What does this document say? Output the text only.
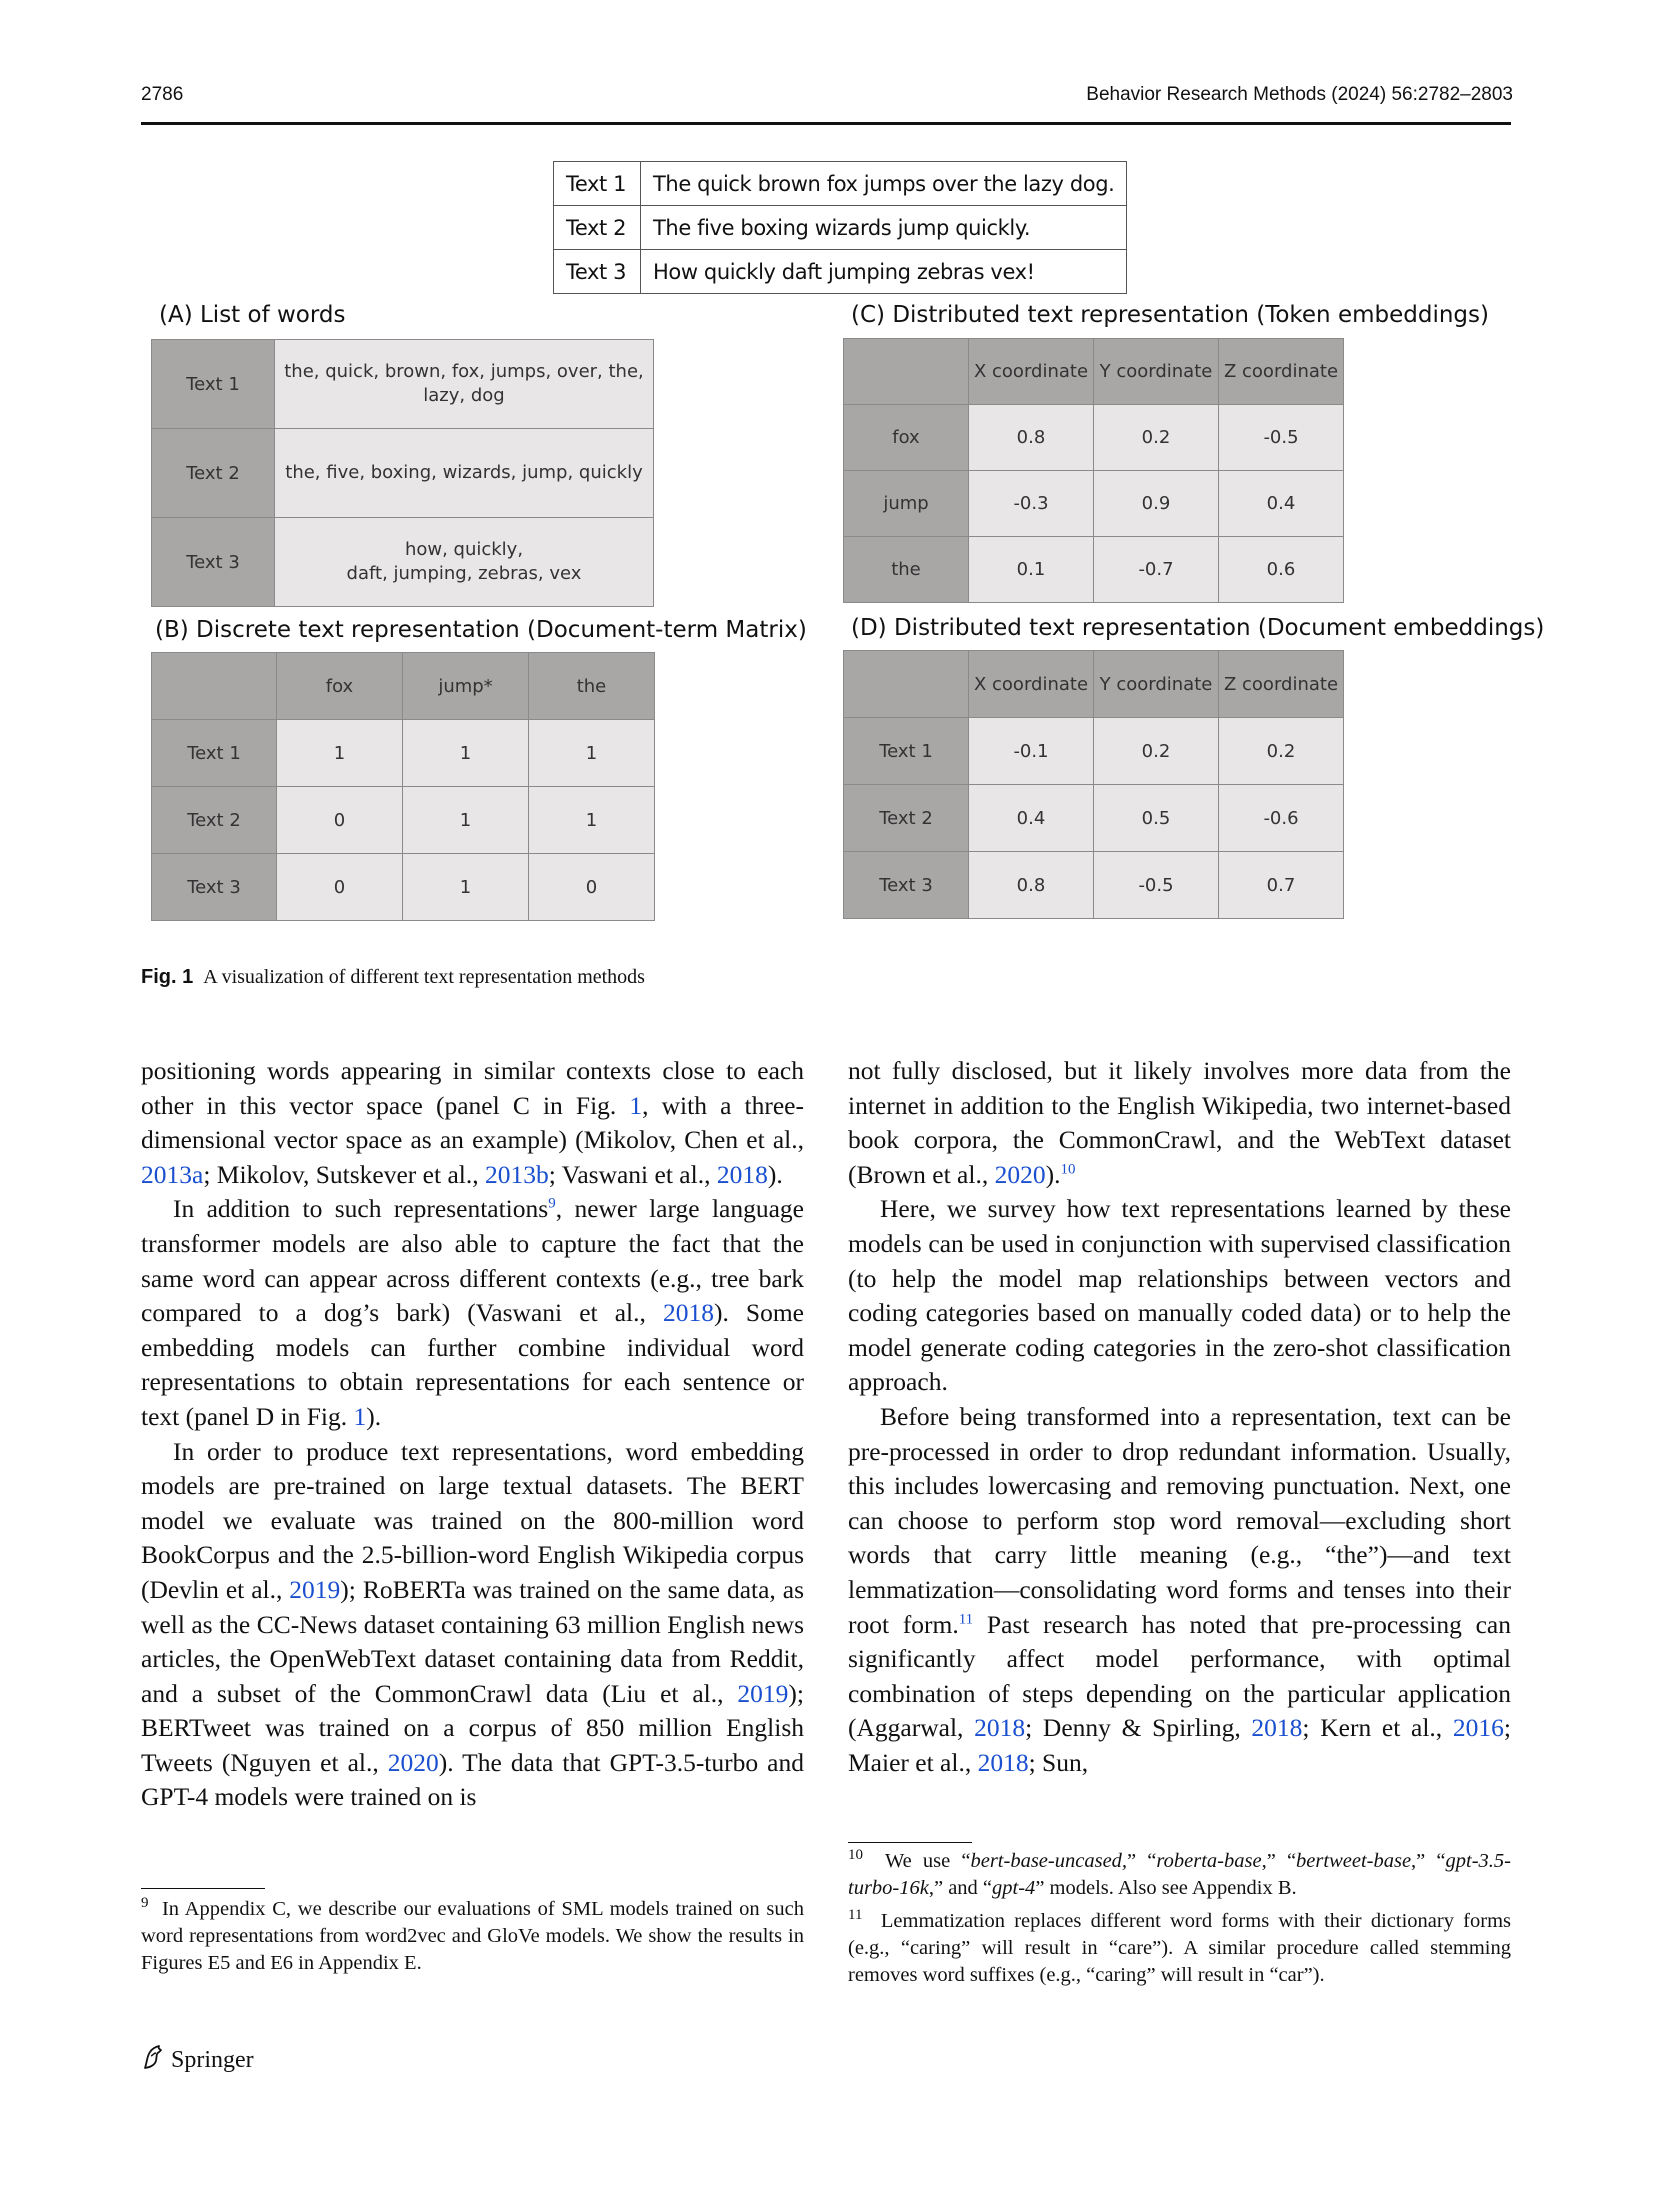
2786	Behavior Research Methods (2024) 56:2782–2803
Text 1	The quick brown fox jumps over the lazy dog.
Text 2	The five boxing wizards jump quickly.
Text 3	How quickly daft jumping zebras vex!
(A) List of words
Text 1	the, quick, brown, fox, jumps, over, the,
lazy, dog
Text 2	the, five, boxing, wizards, jump, quickly
Text 3	how, quickly,
daft, jumping, zebras, vex
(B) Discrete text representation (Document-term Matrix)
	fox	jump*	the
Text 1	1	1	1
Text 2	0	1	1
Text 3	0	1	0
(C) Distributed text representation (Token embeddings)
	X coordinate	Y coordinate	Z coordinate
fox	0.8	0.2	-0.5
jump	-0.3	0.9	0.4
the	0.1	-0.7	0.6
(D) Distributed text representation (Document embeddings)
	X coordinate	Y coordinate	Z coordinate
Text 1	-0.1	0.2	0.2
Text 2	0.4	0.5	-0.6
Text 3	0.8	-0.5	0.7
Fig. 1 A visualization of different text representation methods

positioning words appearing in similar contexts close to each other in this vector space (panel C in Fig. 1, with a three-dimensional vector space as an example) (Mikolov, Chen et al., 2013a; Mikolov, Sutskever et al., 2013b; Vaswani et al., 2018).

In addition to such representations$^9$, newer large language transformer models are also able to capture the fact that the same word can appear across different contexts (e.g., tree bark compared to a dog’s bark) (Vaswani et al., 2018). Some embedding models can further combine individual word representations to obtain representations for each sentence or text (panel D in Fig. 1).

In order to produce text representations, word embedding models are pre-trained on large textual datasets. The BERT model we evaluate was trained on the 800-million word BookCorpus and the 2.5-billion-word English Wikipedia corpus (Devlin et al., 2019); RoBERTa was trained on the same data, as well as the CC-News dataset containing 63 million English news articles, the OpenWebText dataset containing data from Reddit, and a subset of the CommonCrawl data (Liu et al., 2019); BERTweet was trained on a corpus of 850 million English Tweets (Nguyen et al., 2020). The data that GPT-3.5-turbo and GPT-4 models were trained on is

not fully disclosed, but it likely involves more data from the internet in addition to the English Wikipedia, two internet-based book corpora, the CommonCrawl, and the WebText dataset (Brown et al., 2020).$^{10}$

Here, we survey how text representations learned by these models can be used in conjunction with supervised classification (to help the model map relationships between vectors and coding categories based on manually coded data) or to help the model generate coding categories in the zero-shot classification approach.

Before being transformed into a representation, text can be pre-processed in order to drop redundant information. Usually, this includes lowercasing and removing punctuation. Next, one can choose to perform stop word removal—excluding short words that carry little meaning (e.g., “the”)—and text lemmatization—consolidating word forms and tenses into their root form.$^{11}$ Past research has noted that pre-processing can significantly affect model performance, with optimal combination of steps depending on the particular application (Aggarwal, 2018; Denny & Spirling, 2018; Kern et al., 2016; Maier et al., 2018; Sun,

$^9$ In Appendix C, we describe our evaluations of SML models trained on such word representations from word2vec and GloVe models. We show the results in Figures E5 and E6 in Appendix E.

$^{10}$ We use “bert-base-uncased,” “roberta-base,” “bertweet-base,” “gpt-3.5-turbo-16k,” and “gpt-4” models. Also see Appendix B.

$^{11}$ Lemmatization replaces different word forms with their dictionary forms (e.g., “caring” will result in “care”). A similar procedure called stemming removes word suffixes (e.g., “caring” will result in “car”).

Springer
